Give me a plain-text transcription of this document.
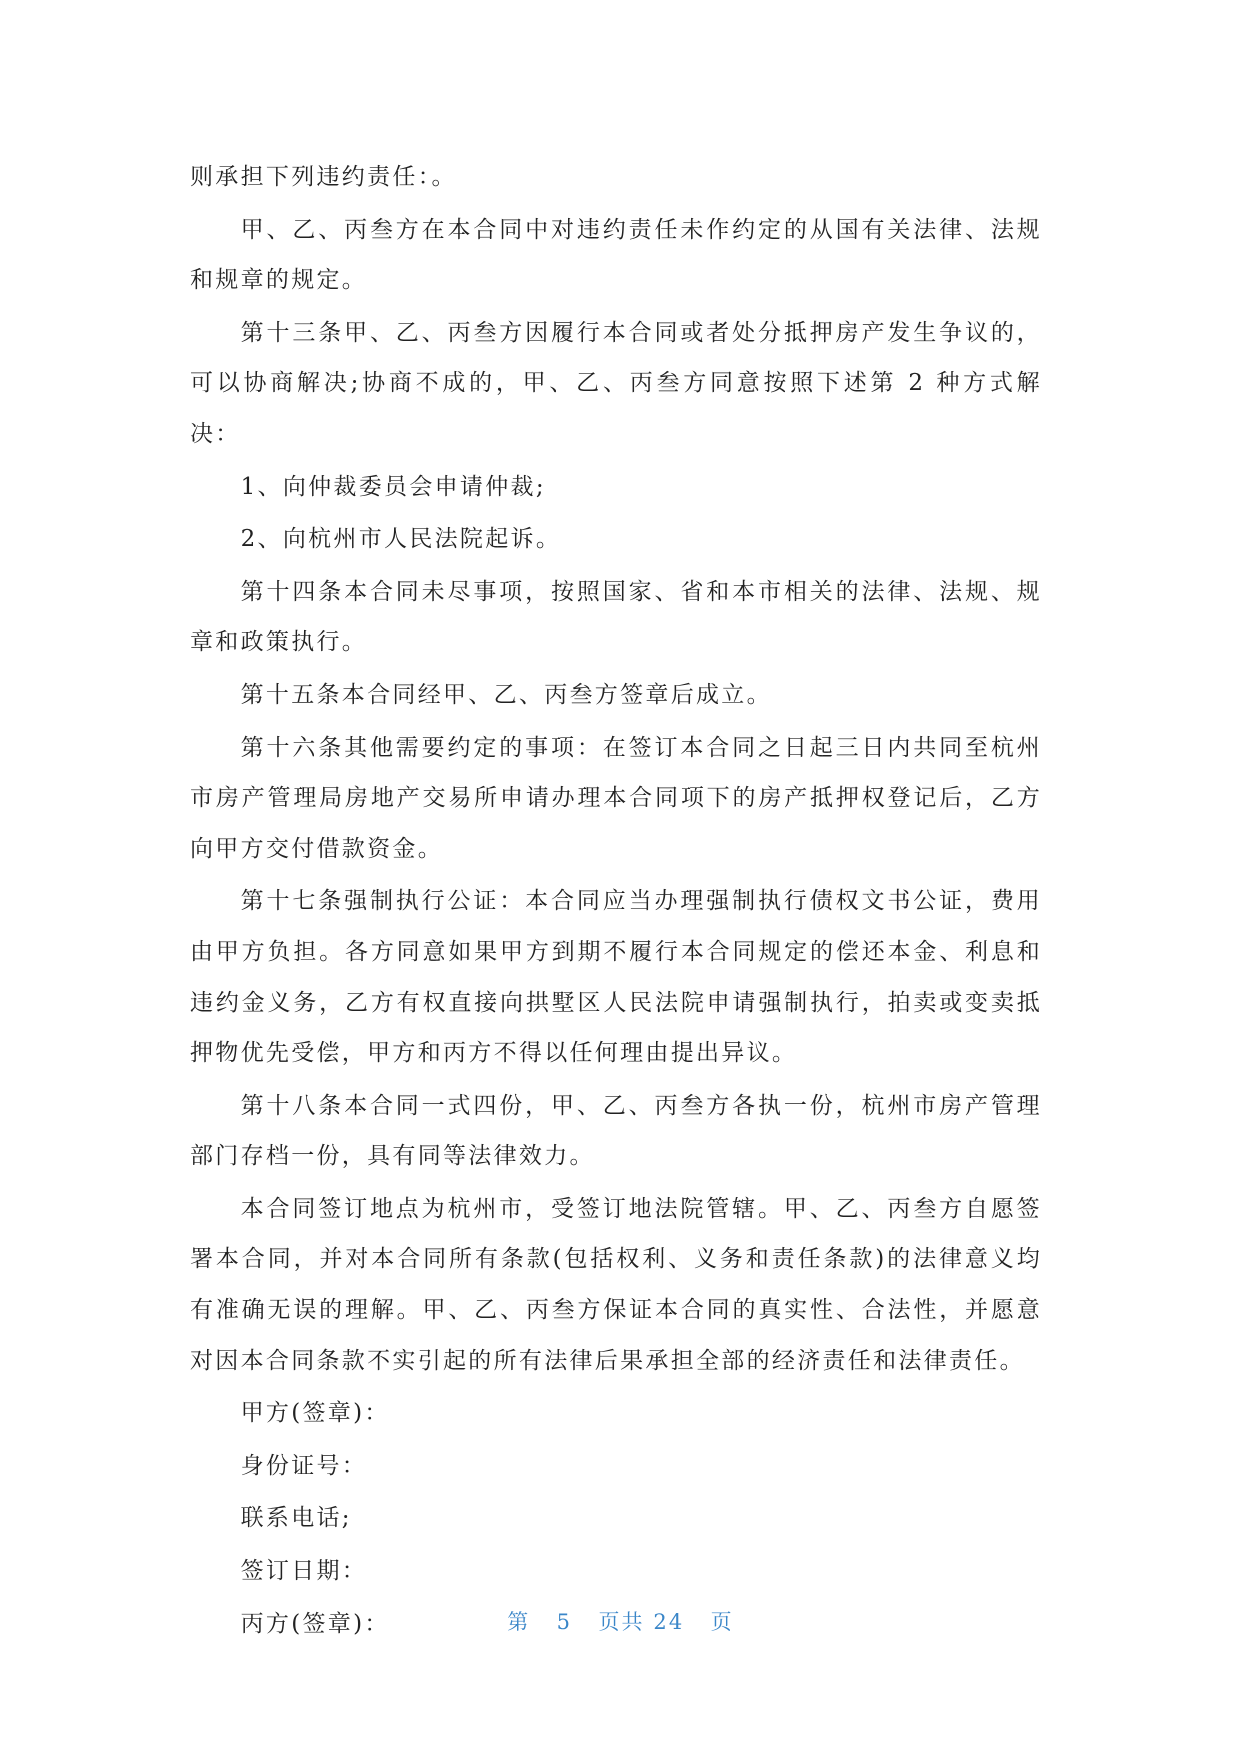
则承担下列违约责任：。

甲、乙、丙叁方在本合同中对违约责任未作约定的从国有关法律、法规和规章的规定。

第十三条甲、乙、丙叁方因履行本合同或者处分抵押房产发生争议的，可以协商解决;协商不成的，甲、乙、丙叁方同意按照下述第 2 种方式解决：

1、向仲裁委员会申请仲裁;

2、向杭州市人民法院起诉。

第十四条本合同未尽事项，按照国家、省和本市相关的法律、法规、规章和政策执行。

第十五条本合同经甲、乙、丙叁方签章后成立。

第十六条其他需要约定的事项：在签订本合同之日起三日内共同至杭州市房产管理局房地产交易所申请办理本合同项下的房产抵押权登记后，乙方向甲方交付借款资金。

第十七条强制执行公证：本合同应当办理强制执行债权文书公证，费用由甲方负担。各方同意如果甲方到期不履行本合同规定的偿还本金、利息和违约金义务，乙方有权直接向拱墅区人民法院申请强制执行，拍卖或变卖抵押物优先受偿，甲方和丙方不得以任何理由提出异议。

第十八条本合同一式四份，甲、乙、丙叁方各执一份，杭州市房产管理部门存档一份，具有同等法律效力。

本合同签订地点为杭州市，受签订地法院管辖。甲、乙、丙叁方自愿签署本合同，并对本合同所有条款(包括权利、义务和责任条款)的法律意义均有准确无误的理解。甲、乙、丙叁方保证本合同的真实性、合法性，并愿意对因本合同条款不实引起的所有法律后果承担全部的经济责任和法律责任。

甲方(签章)：

身份证号：

联系电话;

签订日期：

丙方(签章)：	第 5 页共 24 页
